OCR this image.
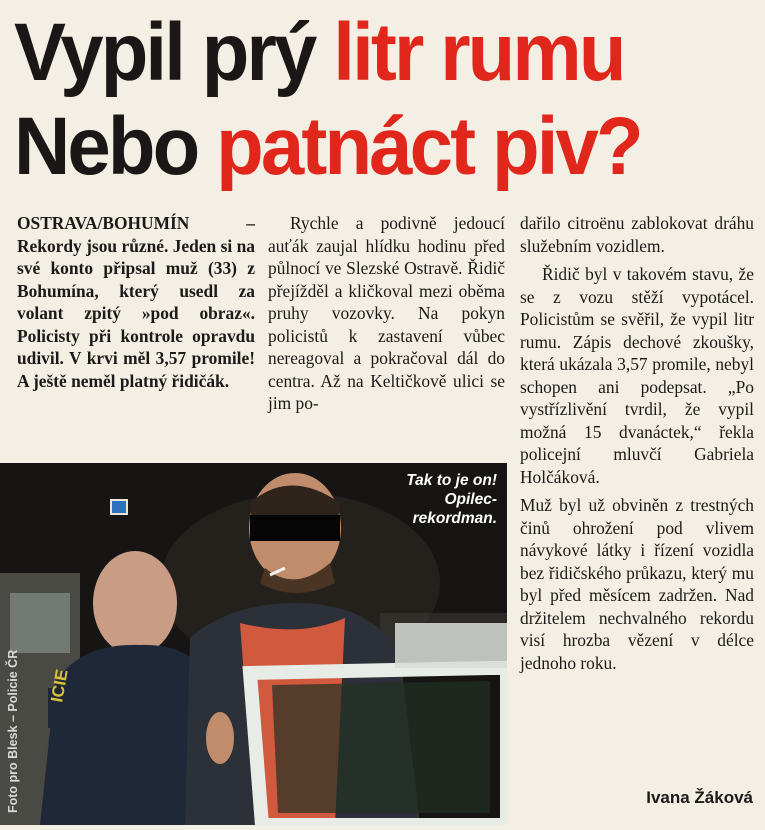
Vypil prý litr rumu
Nebo patnáct piv?
OSTRAVA/BOHUMÍN – Rekordy jsou různé. Jeden si na své konto připsal muž (33) z Bohumína, který usedl za volant zpitý »pod obraz«. Policisty při kontrole opravdu udivil. V krvi měl 3,57 promile! A ještě neměl platný řidičák.
Rychle a podivně jedoucí auťák zaujal hlídku hodinu před půlnocí ve Slezské Ostravě. Řidič přejížděl a kličkoval mezi oběma pruhy vozovky. Na pokyn policistů k zastavení vůbec nereagoval a pokračoval dál do centra. Až na Keltičkově ulici se jim po-

dařilo citroënu zablokovat dráhu služebním vozidlem.

Řidič byl v takovém stavu, že se z vozu stěží vypotácel. Policistům se svěřil, že vypil litr rumu. Zápis dechové zkoušky, která ukázala 3,57 promile, nebyl schopen ani podepsat. „Po vystřízlivění tvrdil, že vypil možná 15 dvanáctek,“ řekla policejní mluvčí Gabriela Holčáková.

Muž byl už obviněn z trestných činů ohrožení pod vlivem návykové látky i řízení vozidla bez řidičského průkazu, který mu byl před měsícem zadržen. Nad držitelem nechvalného rekordu visí hrozba vězení v délce jednoho roku.

ICIE
Tak to je on! Opilec-rekordman.
Foto pro Blesk – Policie ČR	Ivana Žáková
